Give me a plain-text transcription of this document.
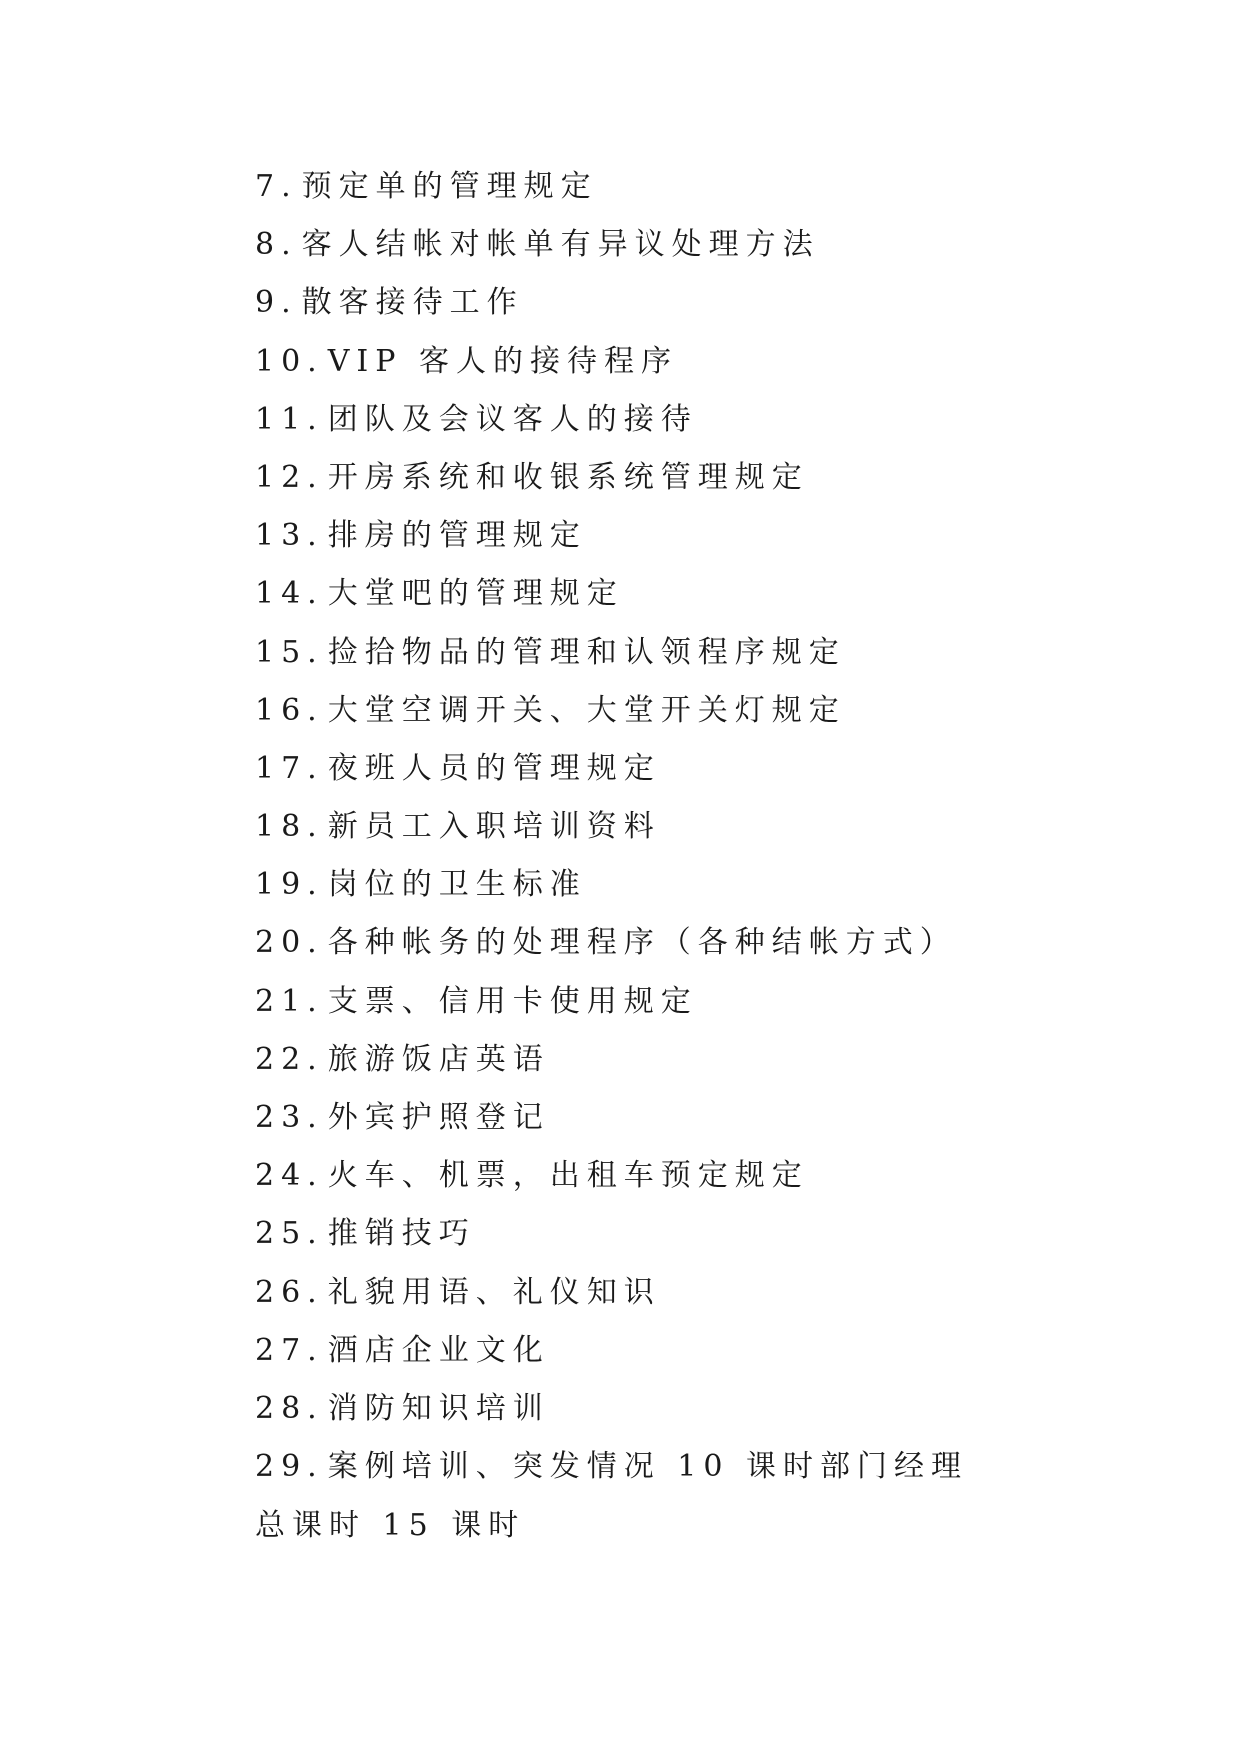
7. 预定单的管理规定
8. 客人结帐对帐单有异议处理方法
9. 散客接待工作
10. VIP 客人的接待程序
11. 团队及会议客人的接待
12. 开房系统和收银系统管理规定
13. 排房的管理规定
14. 大堂吧的管理规定
15. 捡拾物品的管理和认领程序规定
16. 大堂空调开关、大堂开关灯规定
17. 夜班人员的管理规定
18. 新员工入职培训资料
19. 岗位的卫生标准
20. 各种帐务的处理程序（各种结帐方式）
21. 支票、信用卡使用规定
22. 旅游饭店英语
23. 外宾护照登记
24. 火车、机票，出租车预定规定
25. 推销技巧
26. 礼貌用语、礼仪知识
27. 酒店企业文化
28. 消防知识培训
29. 案例培训、突发情况 10 课时部门经理
总课时 15 课时
